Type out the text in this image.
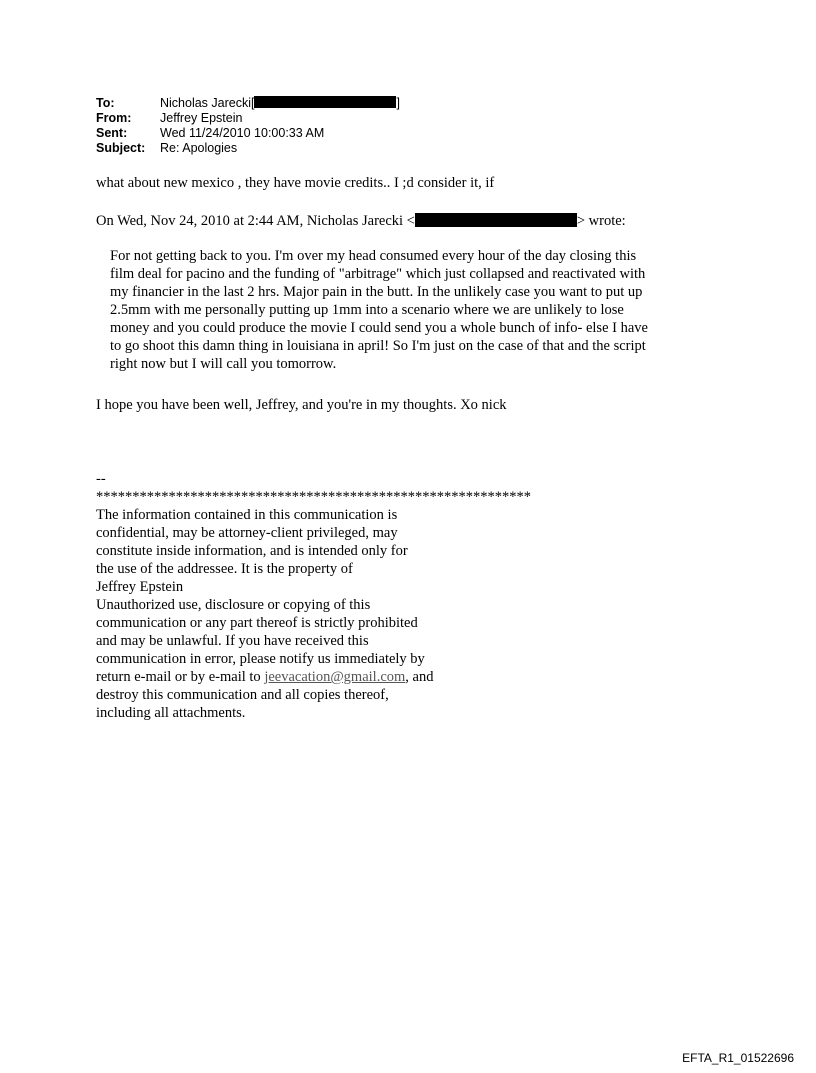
To:	Nicholas Jarecki[	]
From:	Jeffrey Epstein
Sent:	Wed 11/24/2010 10:00:33 AM
Subject:	Re: Apologies

what about new mexico , they have movie credits.. I ;d consider it, if

On Wed, Nov 24, 2010 at 2:44 AM, Nicholas Jarecki <	> wrote:

For not getting back to you. I'm over my head consumed every hour of the day closing this
film deal for pacino and the funding of "arbitrage" which just collapsed and reactivated with
my financier in the last 2 hrs. Major pain in the butt. In the unlikely case you want to put up
2.5mm with me personally putting up 1mm into a scenario where we are unlikely to lose
money and you could produce the movie I could send you a whole bunch of info- else I have
to go shoot this damn thing in louisiana in april! So I'm just on the case of that and the script
right now but I will call you tomorrow.

I hope you have been well, Jeffrey, and you're in my thoughts. Xo nick

--

************************************************************

The information contained in this communication is

confidential, may be attorney-client privileged, may

constitute inside information, and is intended only for

the use of the addressee. It is the property of

Jeffrey Epstein

Unauthorized use, disclosure or copying of this

communication or any part thereof is strictly prohibited

and may be unlawful. If you have received this

communication in error, please notify us immediately by

return e-mail or by e-mail to jeevacation@gmail.com, and

destroy this communication and all copies thereof,

including all attachments.

EFTA_R1_01522696
